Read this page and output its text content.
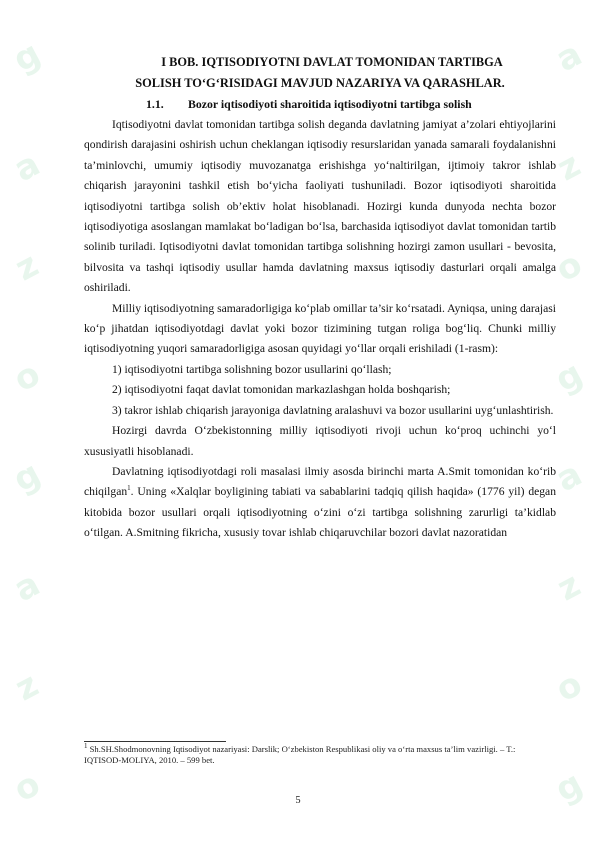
g
a
z
o
g
a
z
o
a
z
o
g
a
z
o
g
I BOB. IQTISODIYOTNI DAVLAT TOMONIDAN TARTIBGA
SOLISH TO‘G‘RISIDAGI MAVJUD NAZARIYA VA QARASHLAR.
1.1. Bozor iqtisodiyoti sharoitida iqtisodiyotni tartibga solish

Iqtisodiyotni davlat tomonidan tartibga solish deganda davlatning jamiyat a’zolari ehtiyojlarini qondirish darajasini oshirish uchun cheklangan iqtisodiy resurslaridan yanada samarali foydalanishni ta’minlovchi, umumiy iqtisodiy muvozanatga erishishga yo‘naltirilgan, ijtimoiy takror ishlab chiqarish jarayonini tashkil etish bo‘yicha faoliyati tushuniladi. Bozor iqtisodiyoti sharoitida iqtisodiyotni tartibga solish ob’ektiv holat hisoblanadi. Hozirgi kunda dunyoda nechta bozor iqtisodiyotiga asoslangan mamlakat bo‘ladigan bo‘lsa, barchasida iqtisodiyot davlat tomonidan tartib solinib turiladi. Iqtisodiyotni davlat tomonidan tartibga solishning hozirgi zamon usullari - bevosita, bilvosita va tashqi iqtisodiy usullar hamda davlatning maxsus iqtisodiy dasturlari orqali amalga oshiriladi.

Milliy iqtisodiyotning samaradorligiga ko‘plab omillar ta’sir ko‘rsatadi. Ayniqsa, uning darajasi ko‘p jihatdan iqtisodiyotdagi davlat yoki bozor tizimining tutgan roliga bog‘liq. Chunki milliy iqtisodiyotning yuqori samaradorligiga asosan quyidagi yo‘llar orqali erishiladi (1-rasm):

1) iqtisodiyotni tartibga solishning bozor usullarini qo‘llash;

2) iqtisodiyotni faqat davlat tomonidan markazlashgan holda boshqarish;

3) takror ishlab chiqarish jarayoniga davlatning aralashuvi va bozor usullarini uyg‘unlashtirish.

Hozirgi davrda O‘zbekistonning milliy iqtisodiyoti rivoji uchun ko‘proq uchinchi yo‘l xususiyatli hisoblanadi.

Davlatning iqtisodiyotdagi roli masalasi ilmiy asosda birinchi marta A.Smit tomonidan ko‘rib chiqilgan$^1$. Uning «Xalqlar boyligining tabiati va sabablarini tadqiq qilish haqida» (1776 yil) degan kitobida bozor usullari orqali iqtisodiyotning o‘zini o‘zi tartibga solishning zarurligi ta’kidlab o‘tilgan. A.Smitning fikricha, xususiy tovar ishlab chiqaruvchilar bozori davlat nazoratidan

$^1$ Sh.SH.Shodmonovning Iqtisodiyot nazariyasi: Darslik; O‘zbekiston Respublikasi oliy va o‘rta maxsus ta’lim vazirligi. – T.: IQTISOD-MOLIYA, 2010. – 599 bet.
5
